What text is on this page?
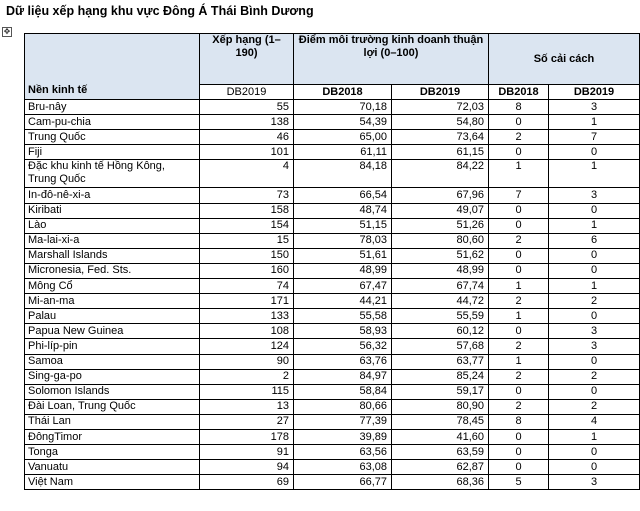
Dữ liệu xếp hạng khu vực Đông Á Thái Bình Dương
✥
Nền kinh tế	Xếp hạng (1–190)	Điểm môi trường kinh doanh thuận lợi (0–100)		Số cải cách	
	DB2019	DB2018	DB2019	DB2018	DB2019
Bru-nây	55	70,18	72,03	8	3
Cam-pu-chia	138	54,39	54,80	0	1
Trung Quốc	46	65,00	73,64	2	7
Fiji	101	61,11	61,15	0	0
Đặc khu kinh tế Hồng Kông, Trung Quốc	4	84,18	84,22	1	1
In-đô-nê-xi-a	73	66,54	67,96	7	3
Kiribati	158	48,74	49,07	0	0
Lào	154	51,15	51,26	0	1
Ma-lai-xi-a	15	78,03	80,60	2	6
Marshall Islands	150	51,61	51,62	0	0
Micronesia, Fed. Sts.	160	48,99	48,99	0	0
Mông Cổ	74	67,47	67,74	1	1
Mi-an-ma	171	44,21	44,72	2	2
Palau	133	55,58	55,59	1	0
Papua New Guinea	108	58,93	60,12	0	3
Phi-líp-pin	124	56,32	57,68	2	3
Samoa	90	63,76	63,77	1	0
Sing-ga-po	2	84,97	85,24	2	2
Solomon Islands	115	58,84	59,17	0	0
Đài Loan, Trung Quốc	13	80,66	80,90	2	2
Thái Lan	27	77,39	78,45	8	4
ĐôngTimor	178	39,89	41,60	0	1
Tonga	91	63,56	63,59	0	0
Vanuatu	94	63,08	62,87	0	0
Việt Nam	69	66,77	68,36	5	3
